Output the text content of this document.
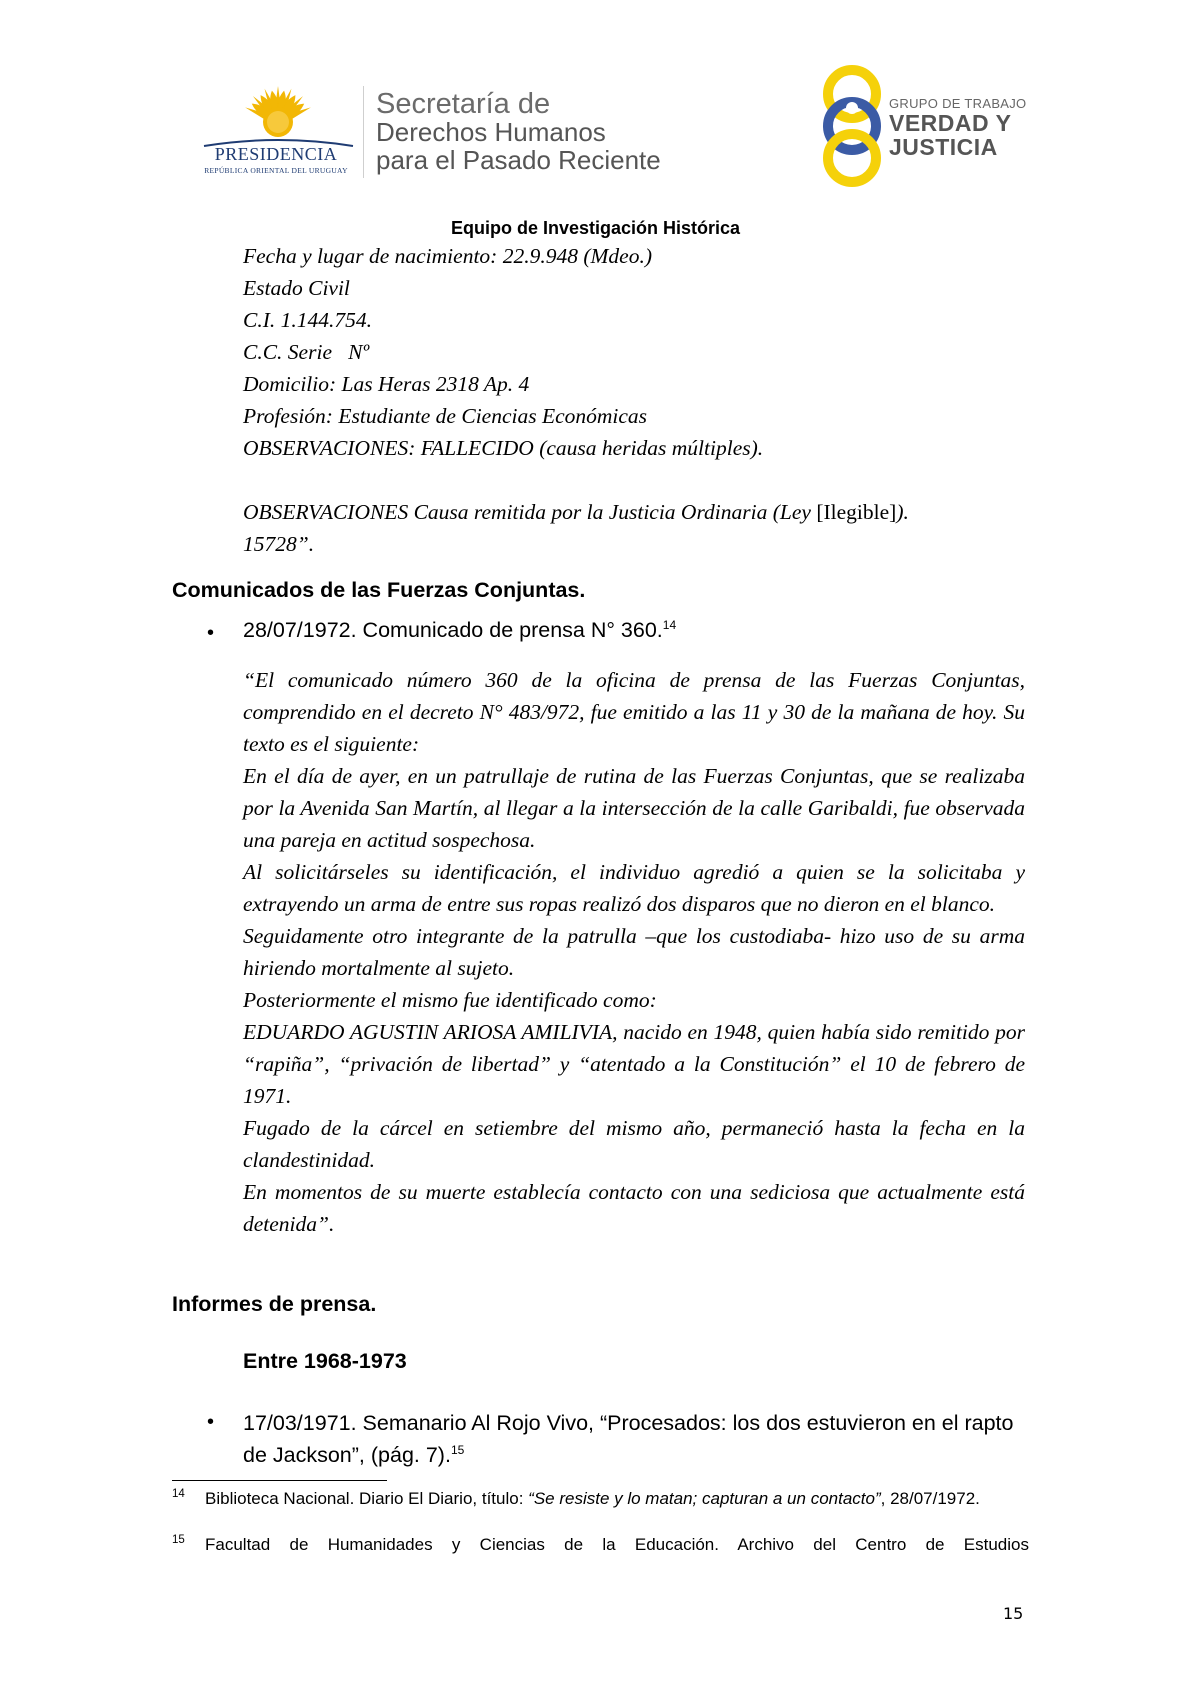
PRESIDENCIA
REPÚBLICA ORIENTAL DEL URUGUAY
Secretaría de
Derechos Humanos
para el Pasado Reciente
GRUPO DE TRABAJO
VERDAD Y
JUSTICIA
Equipo de Investigación Histórica
Fecha y lugar de nacimiento: 22.9.948 (Mdeo.)
Estado Civil
C.I. 1.144.754.
C.C. Serie   Nº
Domicilio: Las Heras 2318 Ap. 4
Profesión: Estudiante de Ciencias Económicas
OBSERVACIONES: FALLECIDO (causa heridas múltiples).
OBSERVACIONES Causa remitida por la Justicia Ordinaria (Ley [Ilegible]).
15728”.
Comunicados de las Fuerzas Conjuntas.
• 28/07/1972. Comunicado de prensa N° 360.14

“El comunicado número 360 de la oficina de prensa de las Fuerzas Conjuntas, comprendido en el decreto N° 483/972, fue emitido a las 11 y 30 de la mañana de hoy. Su texto es el siguiente:

En el día de ayer, en un patrullaje de rutina de las Fuerzas Conjuntas, que se realizaba por la Avenida San Martín, al llegar a la intersección de la calle Garibaldi, fue observada una pareja en actitud sospechosa.

Al solicitárseles su identificación, el individuo agredió a quien se la solicitaba y extrayendo un arma de entre sus ropas realizó dos disparos que no dieron en el blanco.

Seguidamente otro integrante de la patrulla –que los custodiaba- hizo uso de su arma hiriendo mortalmente al sujeto.

Posteriormente el mismo fue identificado como:

EDUARDO AGUSTIN ARIOSA AMILIVIA, nacido en 1948, quien había sido remitido por “rapiña”, “privación de libertad” y “atentado a la Constitución” el 10 de febrero de 1971.

Fugado de la cárcel en setiembre del mismo año, permaneció hasta la fecha en la clandestinidad.

En momentos de su muerte establecía contacto con una sediciosa que actualmente está detenida”.

Informes de prensa.
Entre 1968-1973
• 17/03/1971. Semanario Al Rojo Vivo, “Procesados: los dos estuvieron en el rapto de Jackson”, (pág. 7).$^{15}$
14 Biblioteca Nacional. Diario El Diario, título: “Se resiste y lo matan; capturan a un contacto”, 28/07/1972.
15 Facultad de Humanidades y Ciencias de la Educación. Archivo del Centro de Estudios
15
